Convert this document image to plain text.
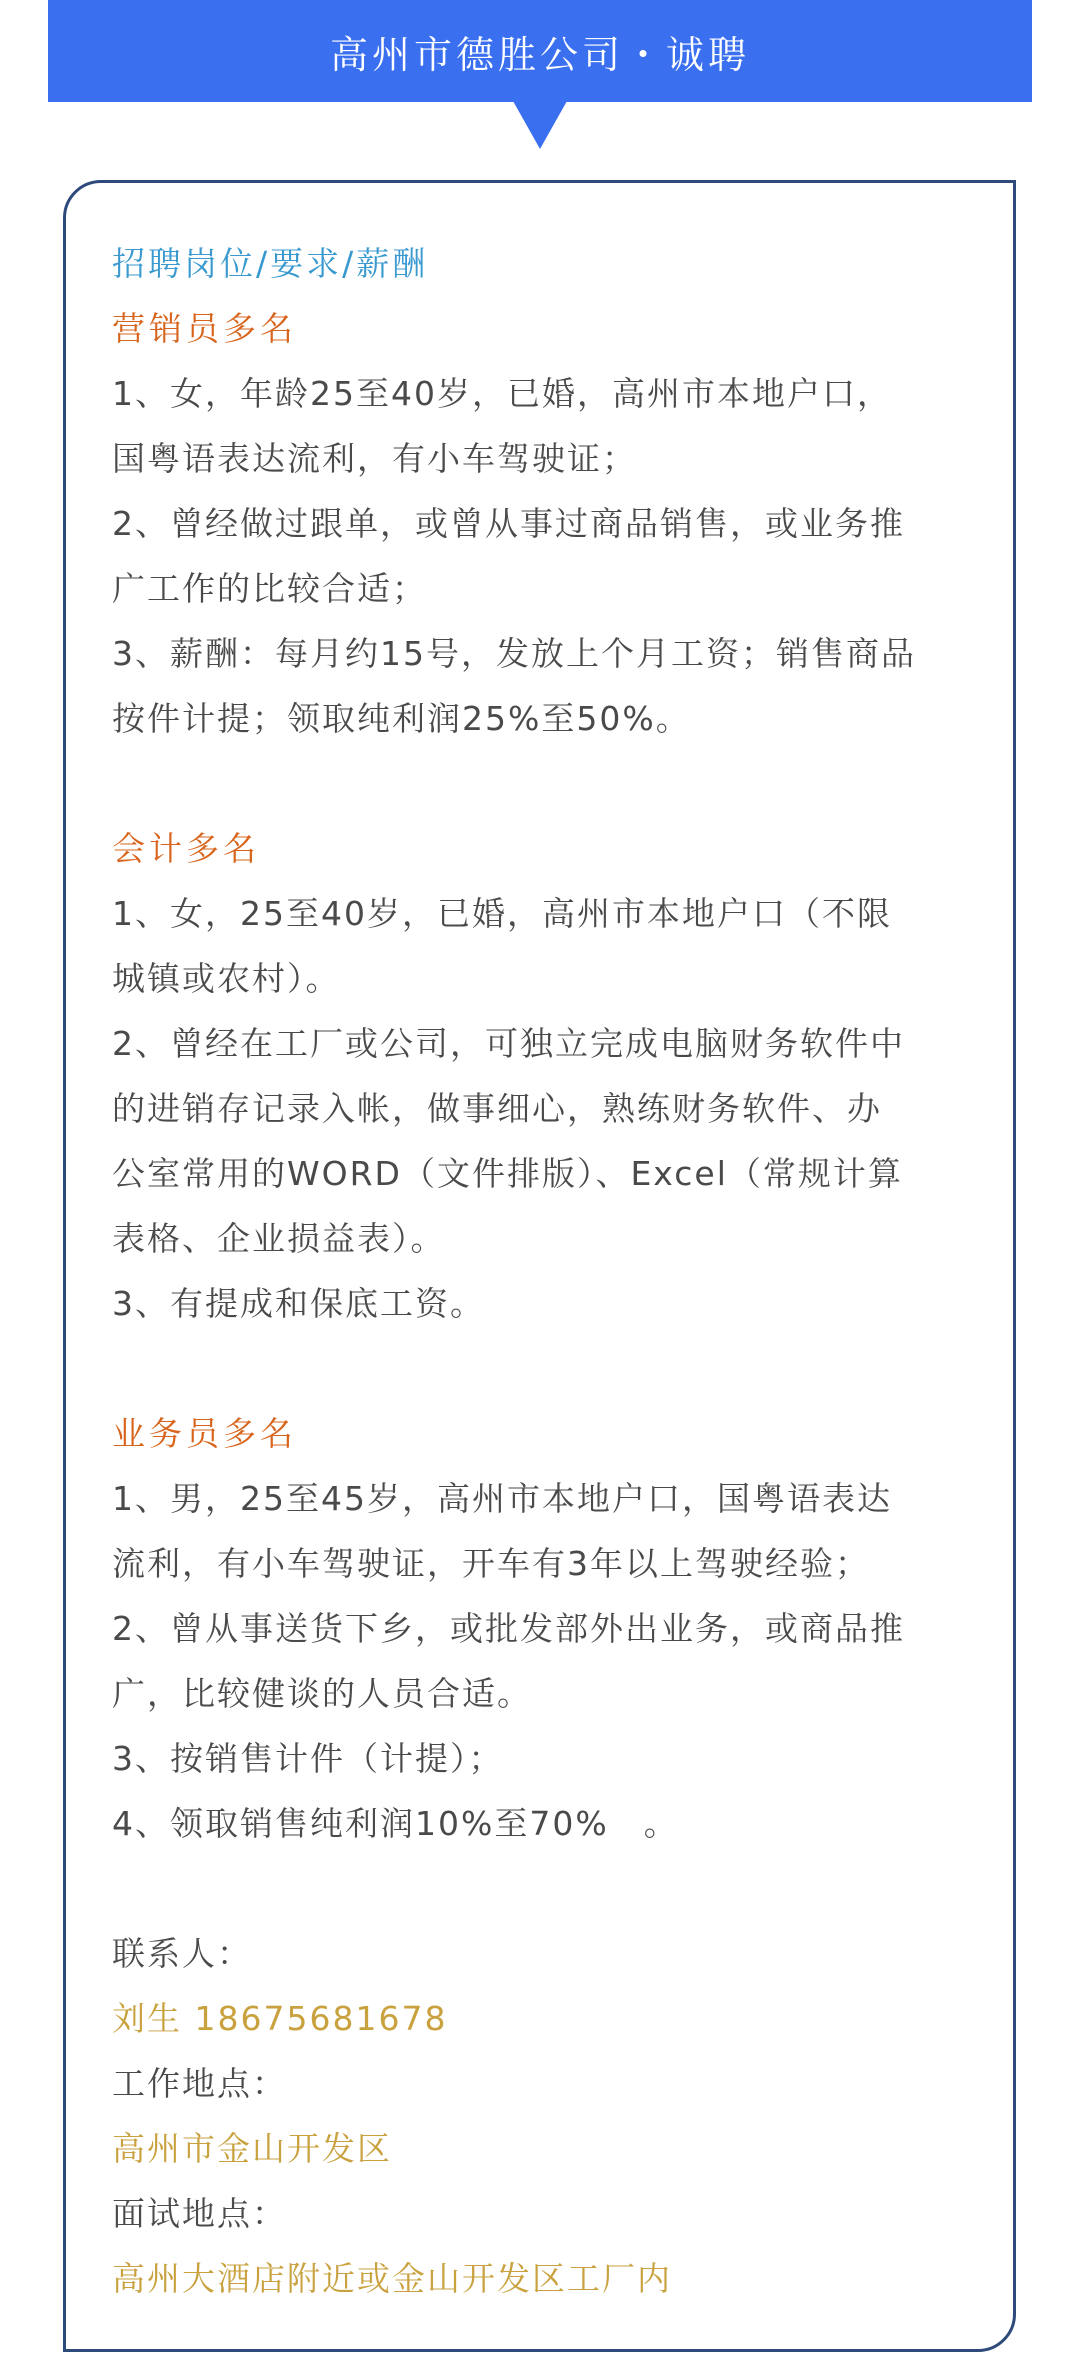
高州市德胜公司・诚聘
招聘岗位/要求/薪酬
营销员多名
1、女，年龄25至40岁，已婚，高州市本地户口，
国粤语表达流利，有小车驾驶证；
2、曾经做过跟单，或曾从事过商品销售，或业务推
广工作的比较合适；
3、薪酬：每月约15号，发放上个月工资；销售商品
按件计提；领取纯利润25%至50%。
会计多名
1、女，25至40岁，已婚，高州市本地户口（不限
城镇或农村）。
2、曾经在工厂或公司，可独立完成电脑财务软件中
的进销存记录入帐，做事细心，熟练财务软件、办
公室常用的WORD（文件排版）、Excel（常规计算
表格、企业损益表）。
3、有提成和保底工资。
业务员多名
1、男，25至45岁，高州市本地户口，国粤语表达
流利，有小车驾驶证，开车有3年以上驾驶经验；
2、曾从事送货下乡，或批发部外出业务，或商品推
广，比较健谈的人员合适。
3、按销售计件（计提）；
4、领取销售纯利润10%至70%　。
联系人：
刘生 18675681678
工作地点：
高州市金山开发区
面试地点：
高州大酒店附近或金山开发区工厂内
